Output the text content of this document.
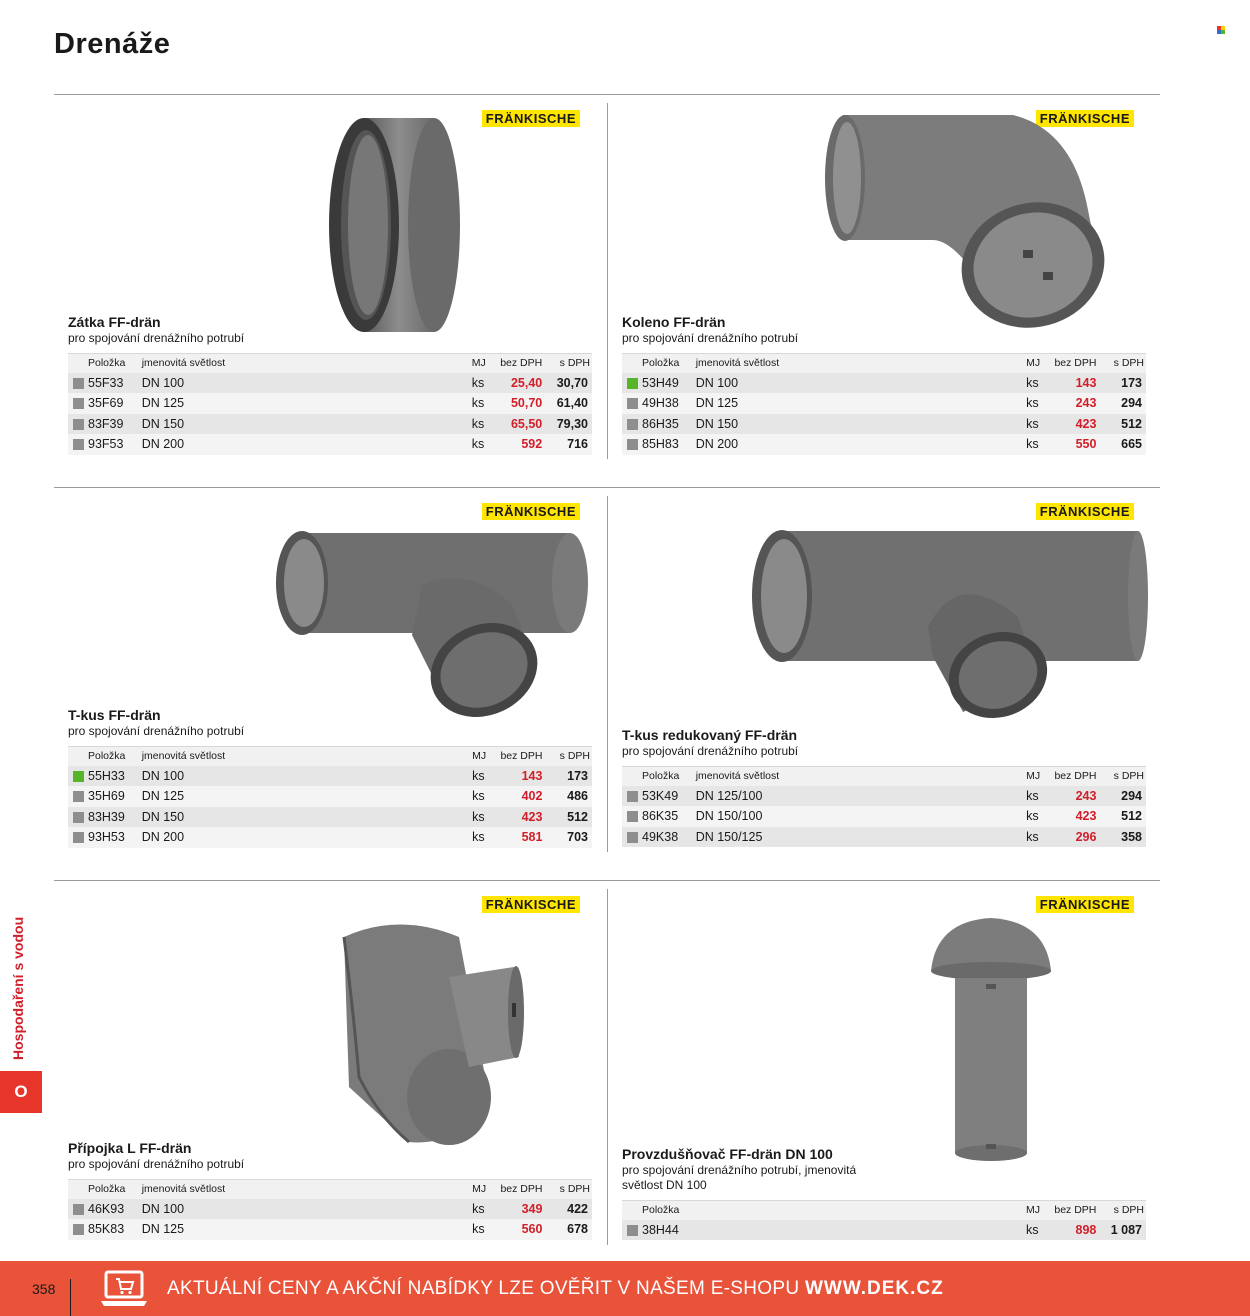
Drenáže
FRÄNKISCHE
Zátka FF-drän
pro spojování drenážního potrubí
	Položka	jmenovitá světlost	MJ	bez DPH	s DPH
	55F33	DN 100	ks	25,40	30,70
	35F69	DN 125	ks	50,70	61,40
	83F39	DN 150	ks	65,50	79,30
	93F53	DN 200	ks	592	716
FRÄNKISCHE
Koleno FF-drän
pro spojování drenážního potrubí
	Položka	jmenovitá světlost	MJ	bez DPH	s DPH
	53H49	DN 100	ks	143	173
	49H38	DN 125	ks	243	294
	86H35	DN 150	ks	423	512
	85H83	DN 200	ks	550	665
FRÄNKISCHE
T-kus FF-drän
pro spojování drenážního potrubí
	Položka	jmenovitá světlost	MJ	bez DPH	s DPH
	55H33	DN 100	ks	143	173
	35H69	DN 125	ks	402	486
	83H39	DN 150	ks	423	512
	93H53	DN 200	ks	581	703
FRÄNKISCHE
T-kus redukovaný FF-drän
pro spojování drenážního potrubí
	Položka	jmenovitá světlost	MJ	bez DPH	s DPH
	53K49	DN 125/100	ks	243	294
	86K35	DN 150/100	ks	423	512
	49K38	DN 150/125	ks	296	358
FRÄNKISCHE
Přípojka L FF-drän
pro spojování drenážního potrubí
	Položka	jmenovitá světlost	MJ	bez DPH	s DPH
	46K93	DN 100	ks	349	422
	85K83	DN 125	ks	560	678
FRÄNKISCHE
Provzdušňovač FF-drän DN 100
pro spojování drenážního potrubí, jmenovitá světlost DN 100
	Položka		MJ	bez DPH	s DPH
	38H44		ks	898	1 087
Hospodaření s vodou
O
358	AKTUÁLNÍ CENY A AKČNÍ NABÍDKY LZE OVĚŘIT V NAŠEM E-SHOPU WWW.DEK.CZ
